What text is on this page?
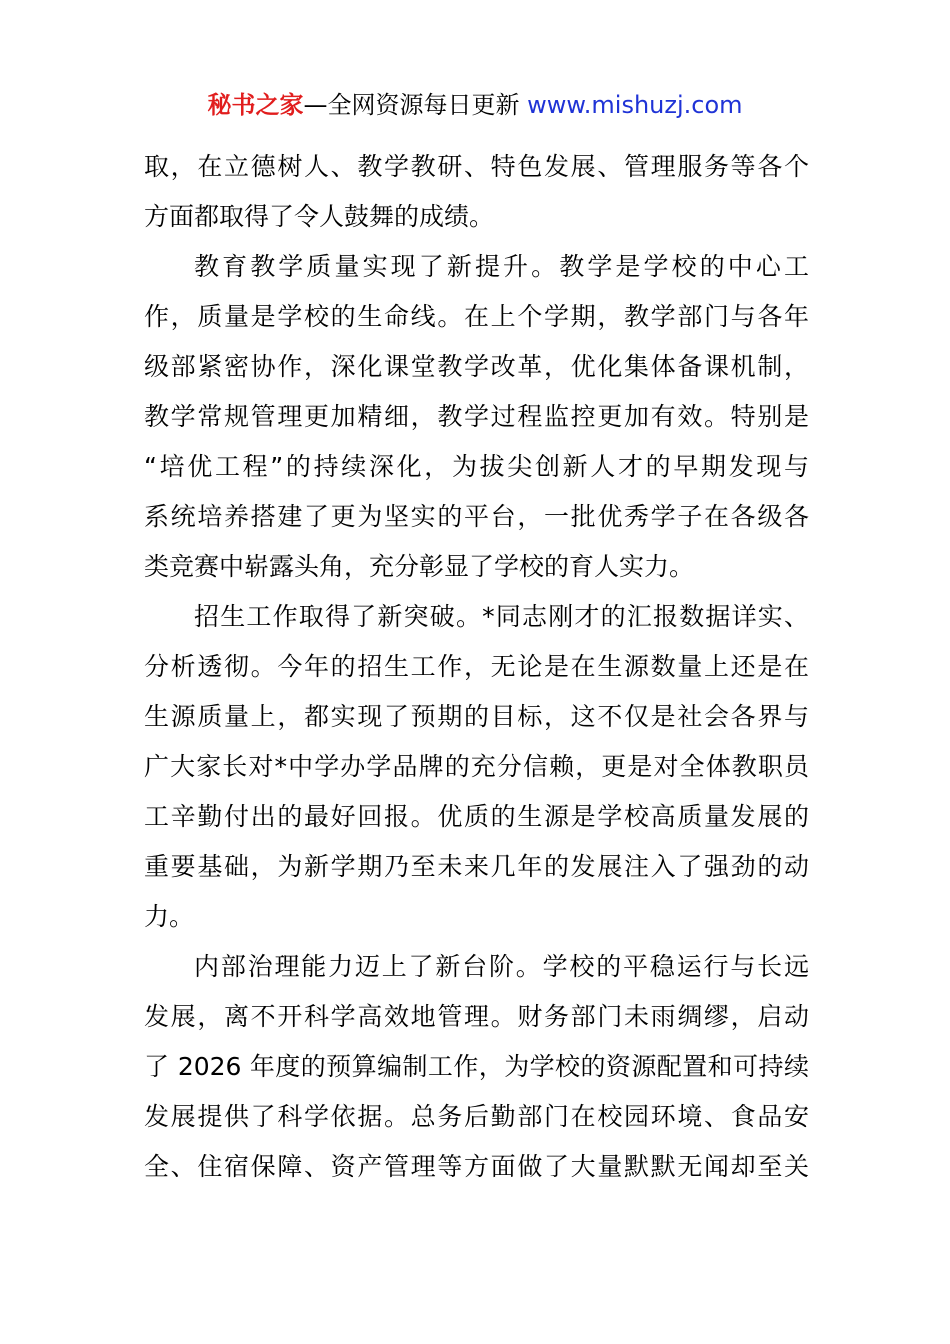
秘书之家—全网资源每日更新 www.mishuzj.com
取，在立德树人、教学教研、特色发展、管理服务等各个
方面都取得了令人鼓舞的成绩。
教育教学质量实现了新提升。教学是学校的中心工
作，质量是学校的生命线。在上个学期，教学部门与各年
级部紧密协作，深化课堂教学改革，优化集体备课机制，
教学常规管理更加精细，教学过程监控更加有效。特别是
“培优工程”的持续深化，为拔尖创新人才的早期发现与
系统培养搭建了更为坚实的平台，一批优秀学子在各级各
类竞赛中崭露头角，充分彰显了学校的育人实力。
招生工作取得了新突破。*同志刚才的汇报数据详实、
分析透彻。今年的招生工作，无论是在生源数量上还是在
生源质量上，都实现了预期的目标，这不仅是社会各界与
广大家长对*中学办学品牌的充分信赖，更是对全体教职员
工辛勤付出的最好回报。优质的生源是学校高质量发展的
重要基础，为新学期乃至未来几年的发展注入了强劲的动
力。
内部治理能力迈上了新台阶。学校的平稳运行与长远
发展，离不开科学高效地管理。财务部门未雨绸缪，启动
了 2026 年度的预算编制工作，为学校的资源配置和可持续
发展提供了科学依据。总务后勤部门在校园环境、食品安
全、住宿保障、资产管理等方面做了大量默默无闻却至关
